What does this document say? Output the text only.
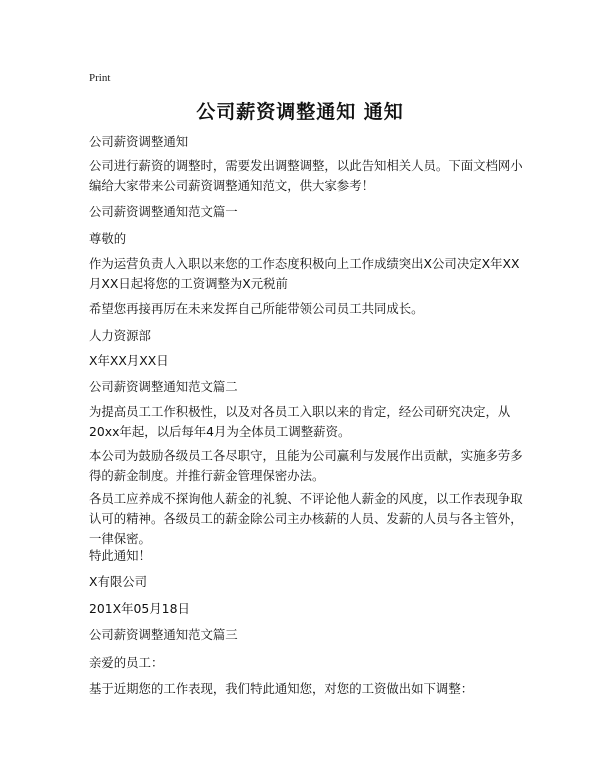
Print
公司薪资调整通知 通知

公司薪资调整通知

公司进行薪资的调整时，需要发出调整调整，以此告知相关人员。下面文档网小编给大家带来公司薪资调整通知范文，供大家参考！

公司薪资调整通知范文篇一

尊敬的

作为运营负责人入职以来您的工作态度积极向上工作成绩突出X公司决定X年XX月XX日起将您的工资调整为X元税前

希望您再接再厉在未来发挥自己所能带领公司员工共同成长。

人力资源部

X年XX月XX日

公司薪资调整通知范文篇二

为提高员工工作积极性，以及对各员工入职以来的肯定，经公司研究决定，从20xx年起，以后每年4月为全体员工调整薪资。

本公司为鼓励各级员工各尽职守，且能为公司赢利与发展作出贡献，实施多劳多得的薪金制度。并推行薪金管理保密办法。

各员工应养成不探询他人薪金的礼貌、不评论他人薪金的风度，以工作表现争取认可的精神。各级员工的薪金除公司主办核薪的人员、发薪的人员与各主管外，一律保密。

特此通知！

X有限公司

201X年05月18日

公司薪资调整通知范文篇三

亲爱的员工：

基于近期您的工作表现，我们特此通知您，对您的工资做出如下调整：
